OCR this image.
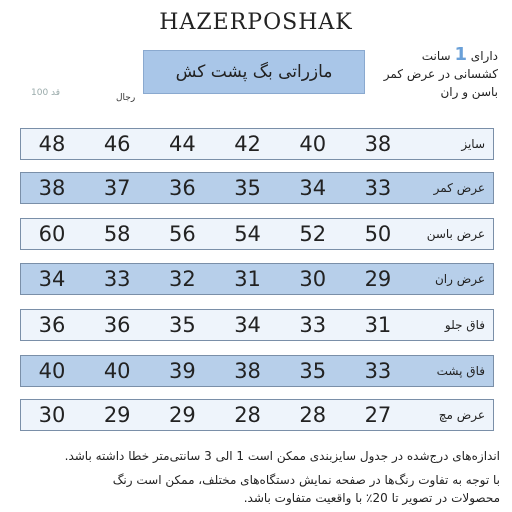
HAZERPOSHAK
مازراتی بگ پشت کش
دارای 1 سانت
کشسانی در عرض کمر
باسن و ران
قد 100	رجال
سایز
38
40
42
44
46
48
عرض کمر
33
34
35
36
37
38
عرض باسن
50
52
54
56
58
60
عرض ران
29
30
31
32
33
34
فاق جلو
31
33
34
35
36
36
فاق پشت
33
35
38
39
40
40
عرض مچ
27
28
28
29
29
30
اندازه‌های درج‌شده در جدول سایزبندی ممکن است 1 الی 3 سانتی‌متر خطا داشته باشد.
با توجه به تفاوت رنگ‌ها در صفحه نمایش دستگاه‌های مختلف، ممکن است رنگ
محصولات در تصویر تا 20٪ با واقعیت متفاوت باشد.
